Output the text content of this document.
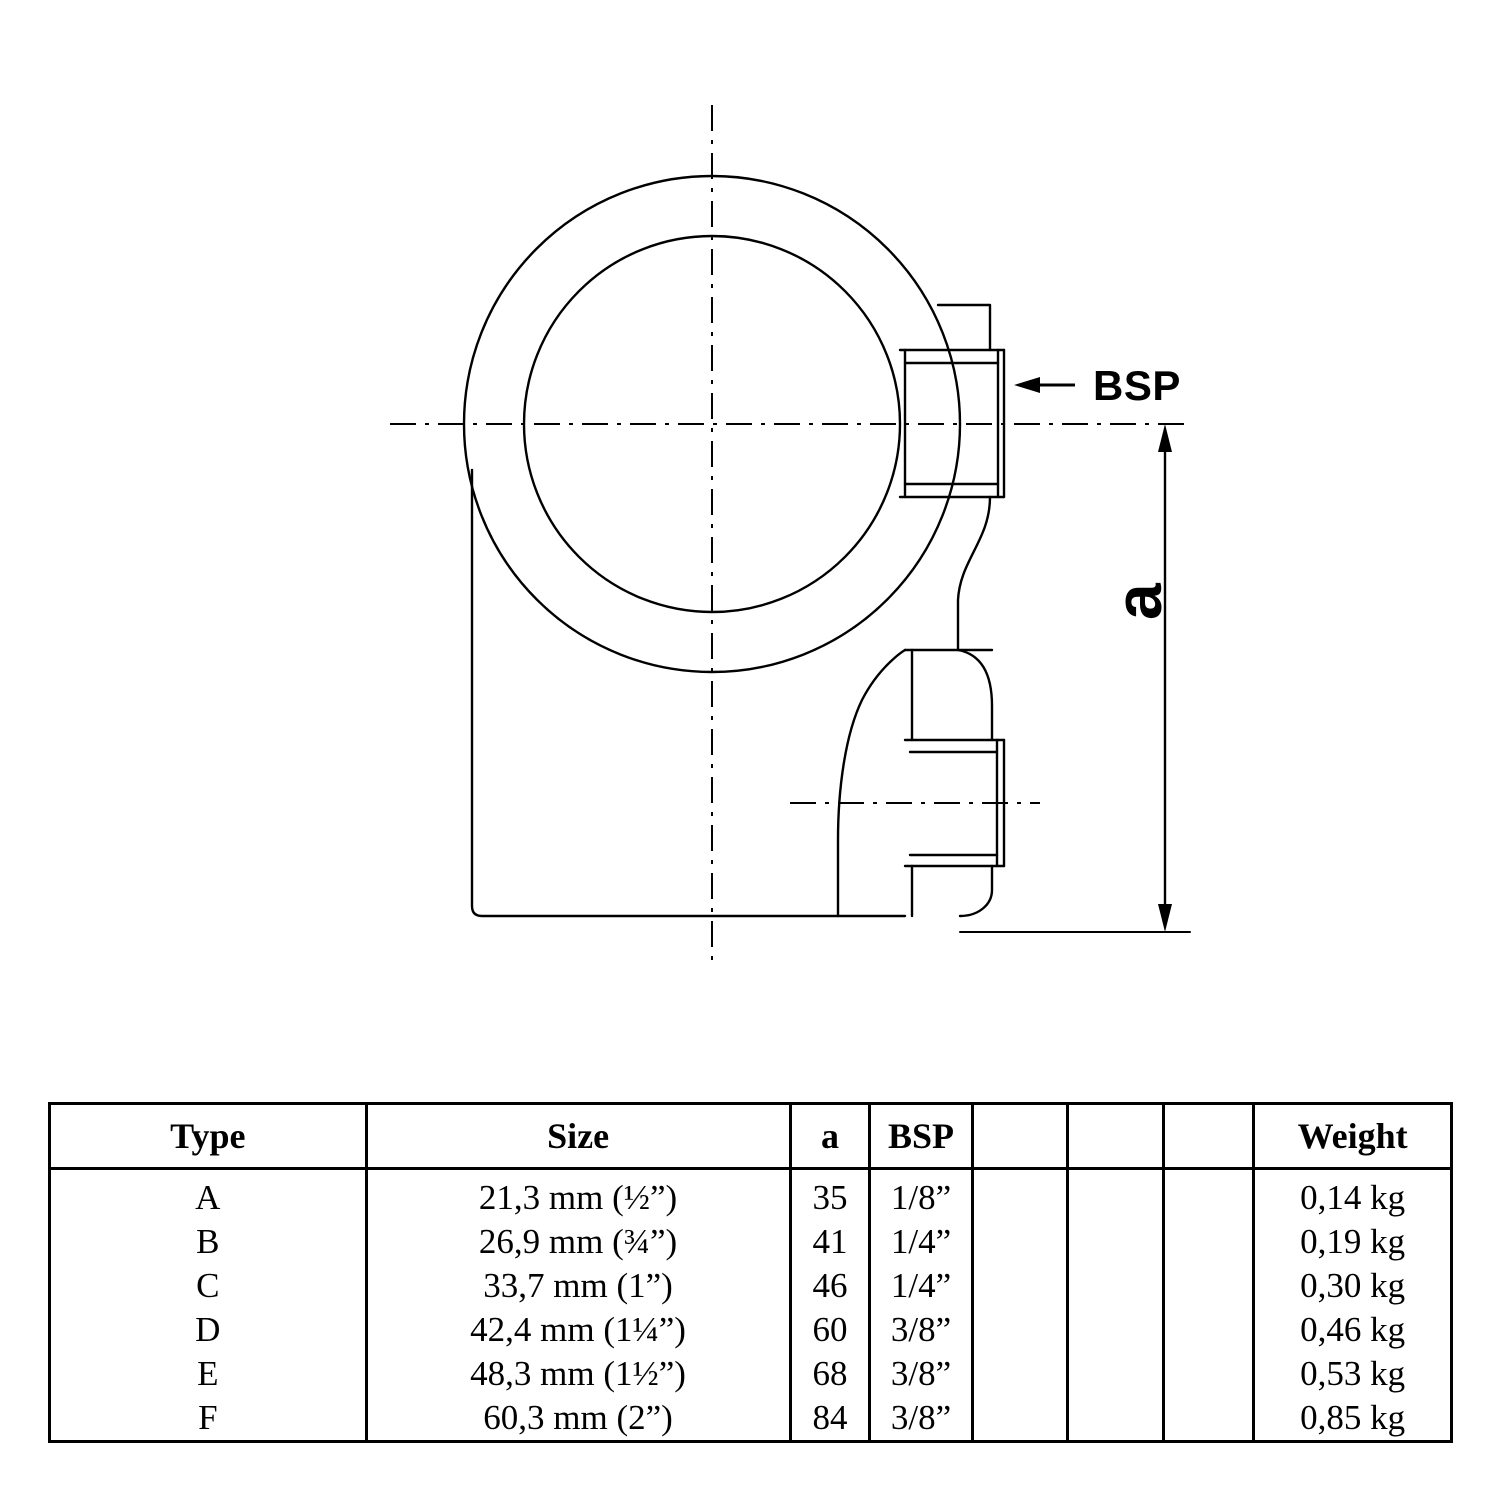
BSP
a
Type	Size	a	BSP				Weight
A	21,3 mm (½”)	35	1/8”				0,14 kg
B	26,9 mm (¾”)	41	1/4”				0,19 kg
C	33,7 mm (1”)	46	1/4”				0,30 kg
D	42,4 mm (1¼”)	60	3/8”				0,46 kg
E	48,3 mm (1½”)	68	3/8”				0,53 kg
F	60,3 mm (2”)	84	3/8”				0,85 kg
